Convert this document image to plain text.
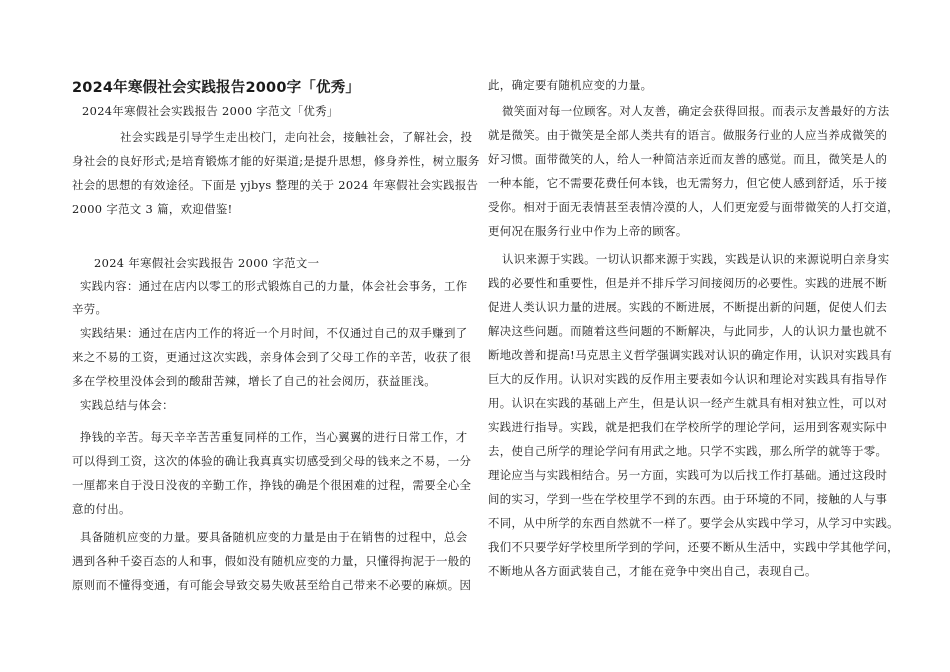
2024年寒假社会实践报告2000字「优秀」
2024年寒假社会实践报告 2000 字范文「优秀」
社会实践是引导学生走出校门，走向社会，接触社会，了解社会，投
身社会的良好形式;是培育锻炼才能的好渠道;是提升思想，修身养性，树立服务
社会的思想的有效途径。下面是 yjbys 整理的关于 2024 年寒假社会实践报告
2000 字范文 3 篇，欢迎借鉴!
2024 年寒假社会实践报告 2000 字范文一
实践内容：通过在店内以零工的形式锻炼自己的力量，体会社会事务，工作
辛劳。
实践结果：通过在店内工作的将近一个月时间，不仅通过自己的双手赚到了
来之不易的工资，更通过这次实践，亲身体会到了父母工作的辛苦，收获了很
多在学校里没体会到的酸甜苦辣，增长了自己的社会阅历，获益匪浅。
实践总结与体会：
挣钱的辛苦。每天辛辛苦苦重复同样的工作，当心翼翼的进行日常工作，才
可以得到工资，这次的体验的确让我真真实切感受到父母的钱来之不易，一分
一厘都来自于没日没夜的辛勤工作，挣钱的确是个很困难的过程，需要全心全
意的付出。
具备随机应变的力量。要具备随机应变的力量是由于在销售的过程中，总会
遇到各种千姿百态的人和事，假如没有随机应变的力量，只懂得拘泥于一般的
原则而不懂得变通，有可能会导致交易失败甚至给自己带来不必要的麻烦。因
此，确定要有随机应变的力量。
微笑面对每一位顾客。对人友善，确定会获得回报。而表示友善最好的方法
就是微笑。由于微笑是全部人类共有的语言。做服务行业的人应当养成微笑的
好习惯。面带微笑的人，给人一种简洁亲近而友善的感觉。而且，微笑是人的
一种本能，它不需要花费任何本钱，也无需努力，但它使人感到舒适，乐于接
受你。相对于面无表情甚至表情冷漠的人，人们更宠爱与面带微笑的人打交道，
更何况在服务行业中作为上帝的顾客。
认识来源于实践。一切认识都来源于实践，实践是认识的来源说明白亲身实
践的必要性和重要性，但是并不排斥学习间接阅历的必要性。实践的进展不断
促进人类认识力量的进展。实践的不断进展，不断提出新的问题，促使人们去
解决这些问题。而随着这些问题的不断解决，与此同步，人的认识力量也就不
断地改善和提高!马克思主义哲学强调实践对认识的确定作用，认识对实践具有
巨大的反作用。认识对实践的反作用主要表如今认识和理论对实践具有指导作
用。认识在实践的基础上产生，但是认识一经产生就具有相对独立性，可以对
实践进行指导。实践，就是把我们在学校所学的理论学问，运用到客观实际中
去，使自己所学的理论学问有用武之地。只学不实践，那么所学的就等于零。
理论应当与实践相结合。另一方面，实践可为以后找工作打基础。通过这段时
间的实习，学到一些在学校里学不到的东西。由于环境的不同，接触的人与事
不同，从中所学的东西自然就不一样了。要学会从实践中学习，从学习中实践。
我们不只要学好学校里所学到的学问，还要不断从生活中，实践中学其他学问，
不断地从各方面武装自己，才能在竞争中突出自己，表现自己。
